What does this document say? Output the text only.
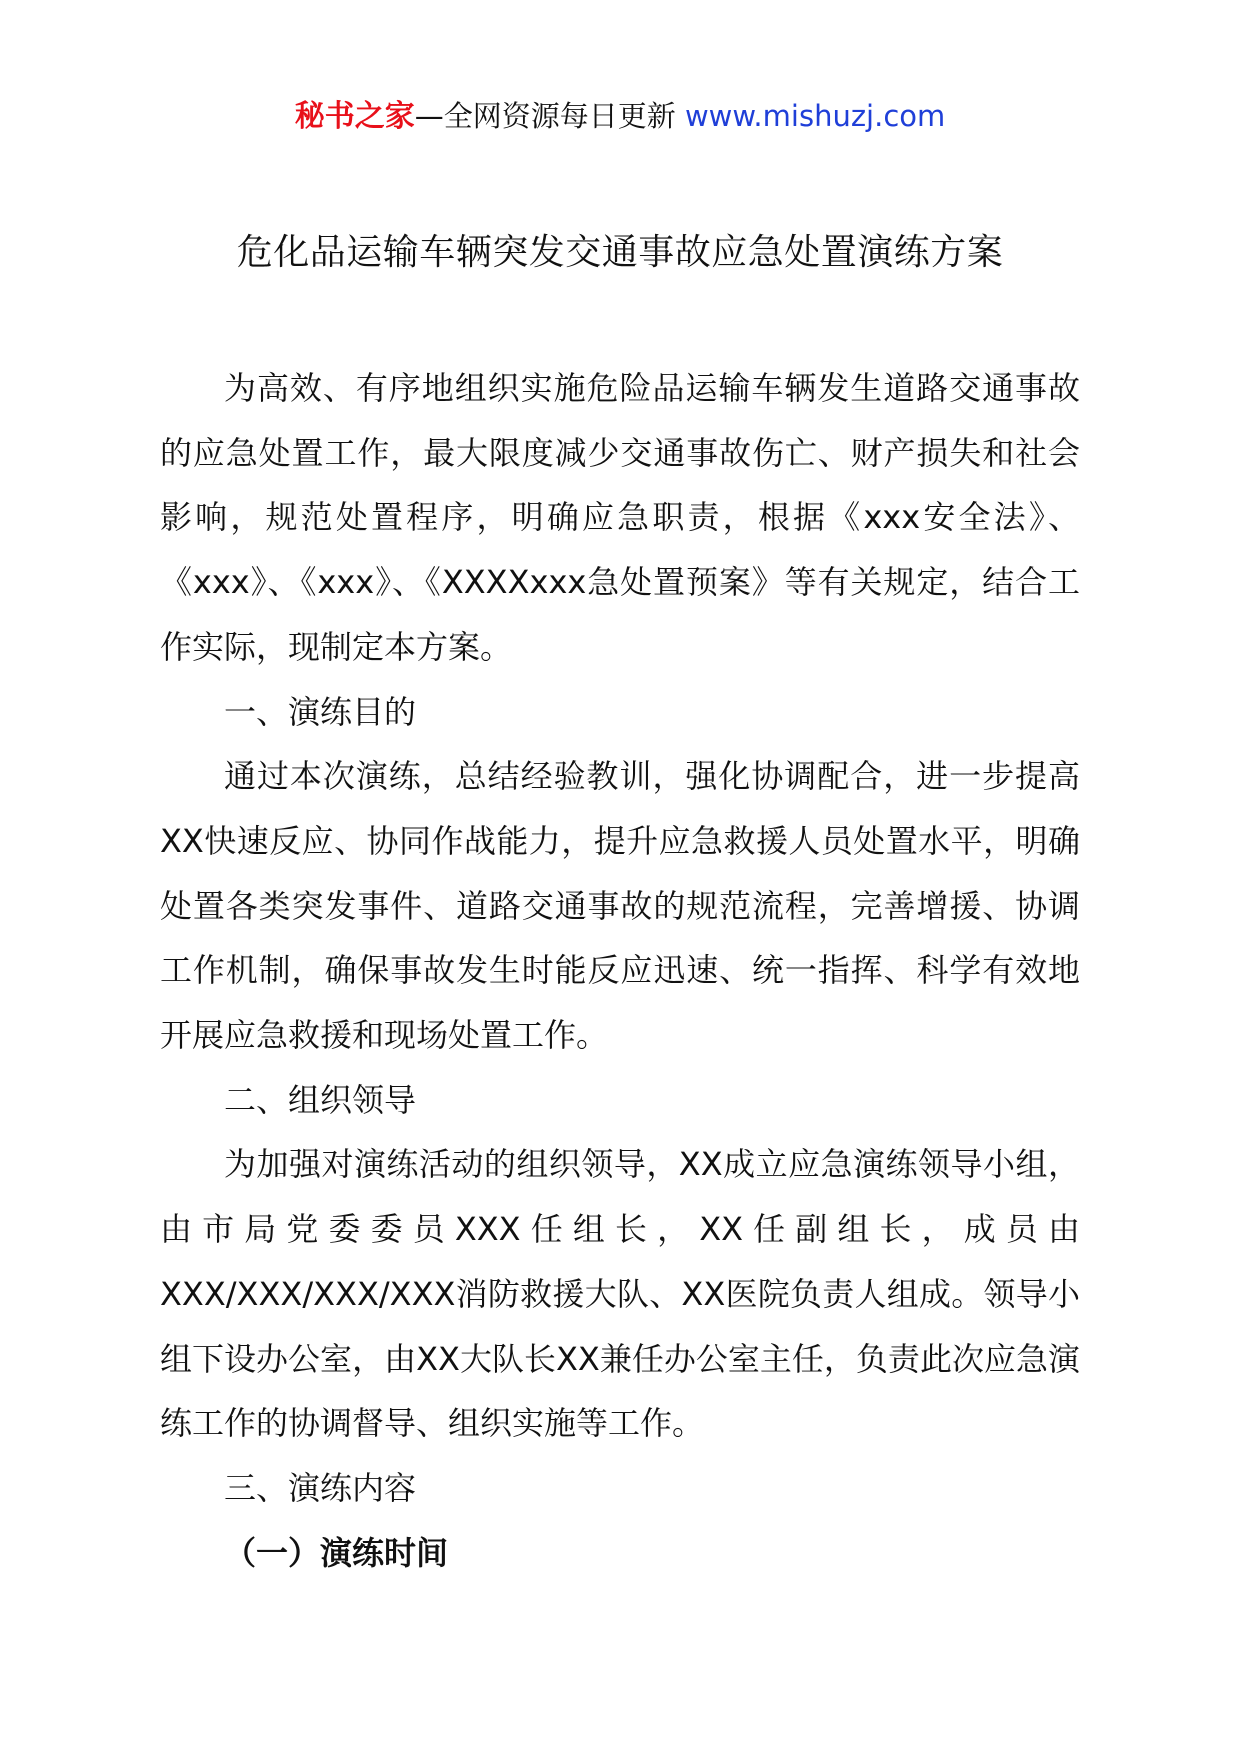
秘书之家—全网资源每日更新 www.mishuzj.com
危化品运输车辆突发交通事故应急处置演练方案

为高效、有序地组织实施危险品运输车辆发生道路交通事故的应急处置工作，最大限度减少交通事故伤亡、财产损失和社会影响，规范处置程序，明确应急职责，根据《xxx安全法》、《xxx》、《xxx》、《XXXXxxx急处置预案》等有关规定，结合工作实际，现制定本方案。

一、演练目的

通过本次演练，总结经验教训，强化协调配合，进一步提高XX快速反应、协同作战能力，提升应急救援人员处置水平，明确处置各类突发事件、道路交通事故的规范流程，完善增援、协调工作机制，确保事故发生时能反应迅速、统一指挥、科学有效地开展应急救援和现场处置工作。

二、组织领导

为加强对演练活动的组织领导，XX成立应急演练领导小组，由市局党委委员XXX任组长，XX任副组长，成员由XXX/XXX/XXX/XXX消防救援大队、XX医院负责人组成。领导小组下设办公室，由XX大队长XX兼任办公室主任，负责此次应急演练工作的协调督导、组织实施等工作。

三、演练内容

（一）演练时间
